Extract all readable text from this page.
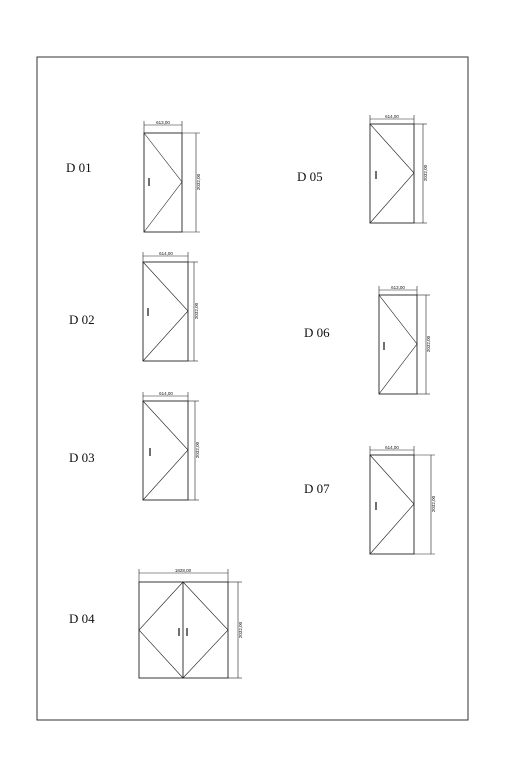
D 01
613,00
2032,00
D 02
614,00
2032,00
D 03
614,00
2032,00
D 04
1828,00
2032,00
D 05
614,00
2032,00
D 06
613,00
2032,00
D 07
614,00
2032,00
